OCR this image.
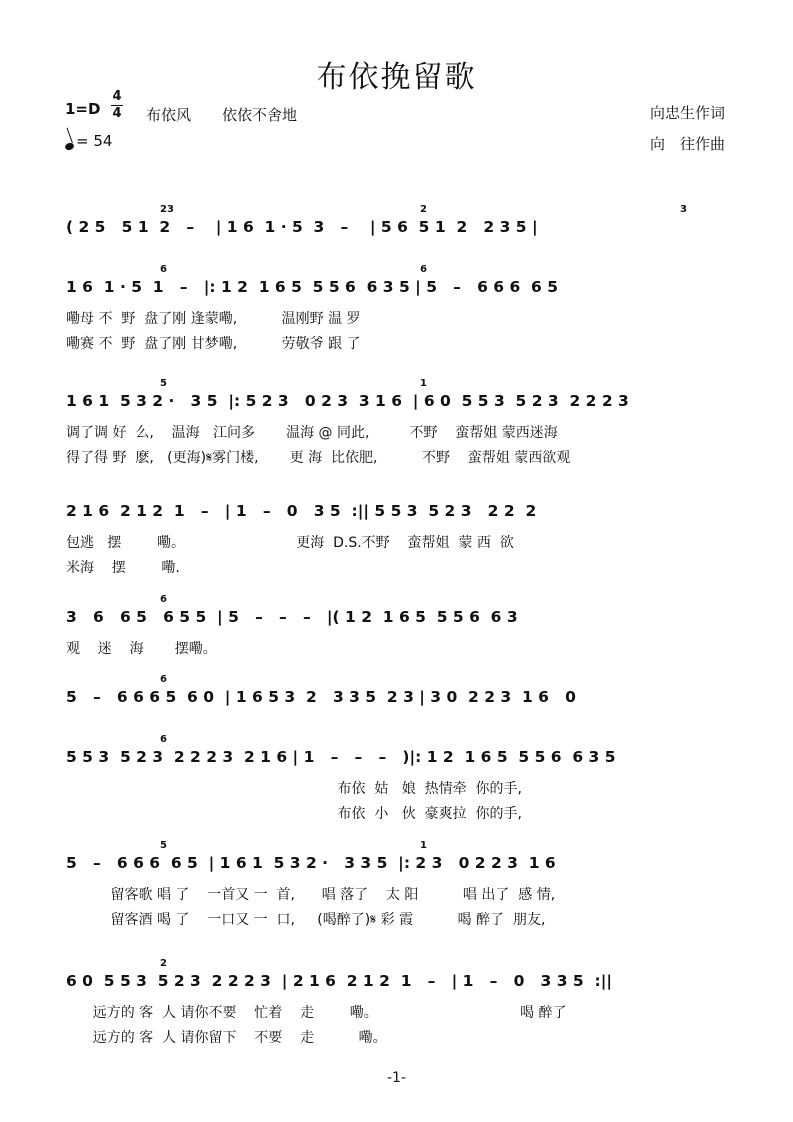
布依挽留歌
1=D
4
4 布依风 依依不舍地
= 54
向忠生作词
向　往作曲
( 2 5   5 1  2   –    | 1 6  1 · 5  3   –    | 5 6  5 1  2   2 3 5 |
23	2	3
1 6  1 · 5  1   –   |: 1 2  1 6 5  5 5 6  6 3 5 | 5   –   6 6 6  6 5
6	6
嘞母 不  野  盘了刚 逢蒙嘞,          温刚野 温 罗
嘞赛 不  野  盘了刚 甘梦嘞,          劳敬爷 跟 了
1 6 1  5 3 2 ·   3 5  |: 5 2 3   0 2 3  3 1 6  | 6 0  5 5 3  5 2 3  2 2 2 3
5	1
调了调 好  么,    温海   江问多       温海 @ 同此,         不野    蛮帮姐 蒙西迷海
得了得 野  麽,   (更海)𝄋雾门楼,       更 海  比依肥,          不野    蛮帮姐 蒙西欲观
2 1 6  2 1 2  1   –   | 1   –   0   3 5  :|| 5 5 3  5 2 3   2 2  2
包逃   摆        嘞。                         更海  D.S.不野    蛮帮姐  蒙 西  欲
米海    摆        嘞.
3   6   6 5   6 5 5  | 5   –   –   –   |( 1 2  1 6 5  5 5 6  6 3
6
观    迷    海       摆嘞。
5   –   6 6 6 5  6 0  | 1 6 5 3  2   3 3 5  2 3 | 3 0  2 2 3  1 6   0
6
5 5 3  5 2 3  2 2 2 3  2 1 6 | 1   –   –   –   )|: 1 2  1 6 5  5 5 6  6 3 5
6
布依  姑   娘  热情牵  你的手,
布依  小   伙  豪爽拉  你的手,
5   –   6 6 6  6 5  | 1 6 1  5 3 2 ·   3 3 5  |: 2 3   0 2 2 3  1 6
5	1
留客歌 唱 了    一首又 一  首,      唱 落了    太 阳          唱 出了  感 情,
留客酒 喝 了    一口又 一  口,     (喝醉了)𝄋 彩 霞          喝 醉了  朋友,
6 0  5 5 3  5 2 3  2 2 2 3  | 2 1 6  2 1 2  1   –   | 1   –   0   3 3 5  :||
2
远方的 客  人 请你不要    忙着    走        嘞。                                喝 醉了
远方的 客  人 请你留下    不要    走          嘞。
-1-
